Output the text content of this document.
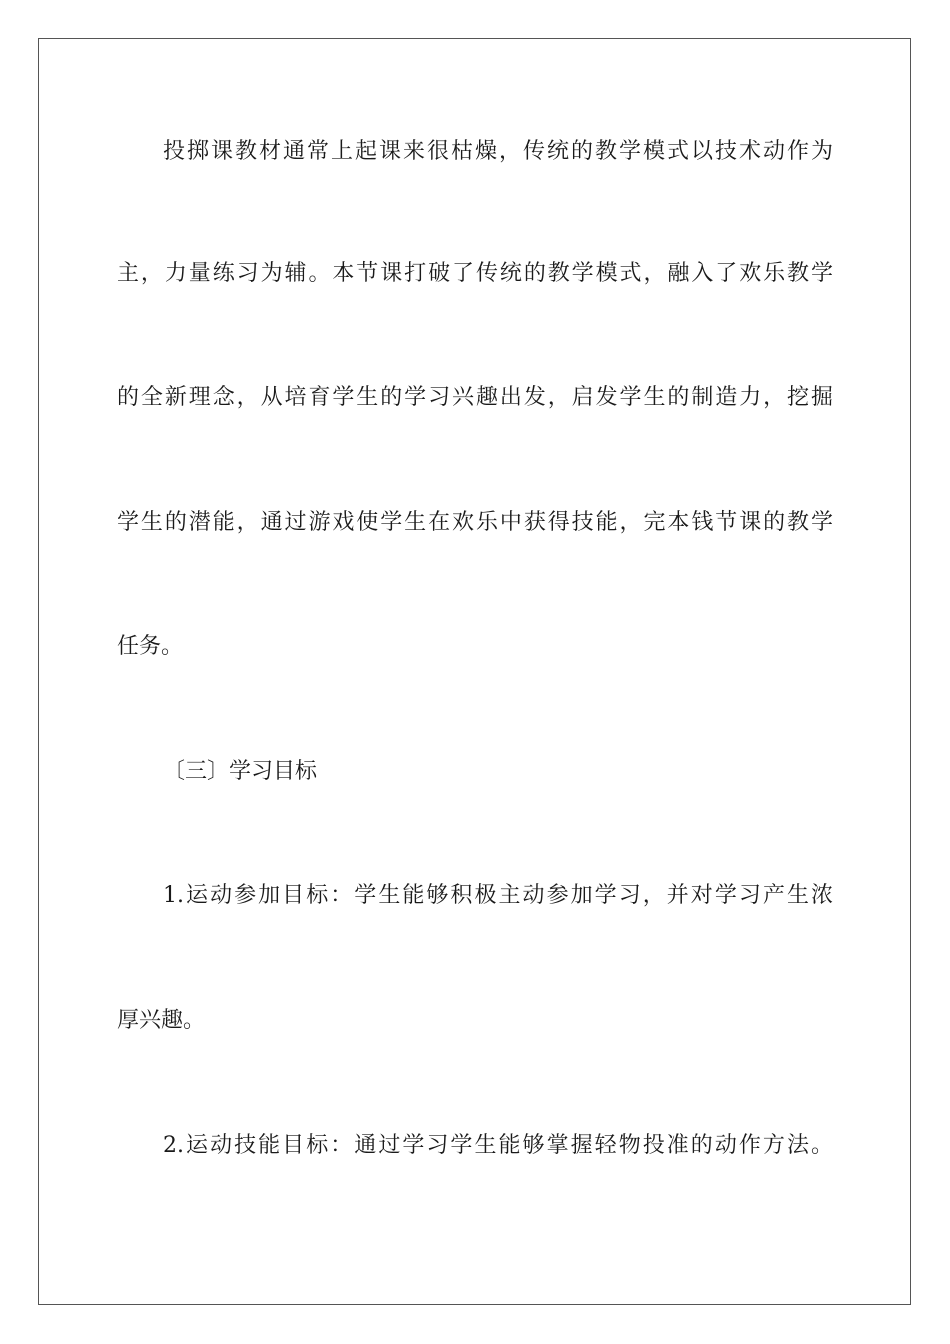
投掷课教材通常上起课来很枯燥，传统的教学模式以技术动作为
主，力量练习为辅。本节课打破了传统的教学模式，融入了欢乐教学
的全新理念，从培育学生的学习兴趣出发，启发学生的制造力，挖掘
学生的潜能，通过游戏使学生在欢乐中获得技能，完本钱节课的教学
任务。
〔三〕学习目标
1.运动参加目标：学生能够积极主动参加学习，并对学习产生浓
厚兴趣。
2.运动技能目标：通过学习学生能够掌握轻物投准的动作方法。
